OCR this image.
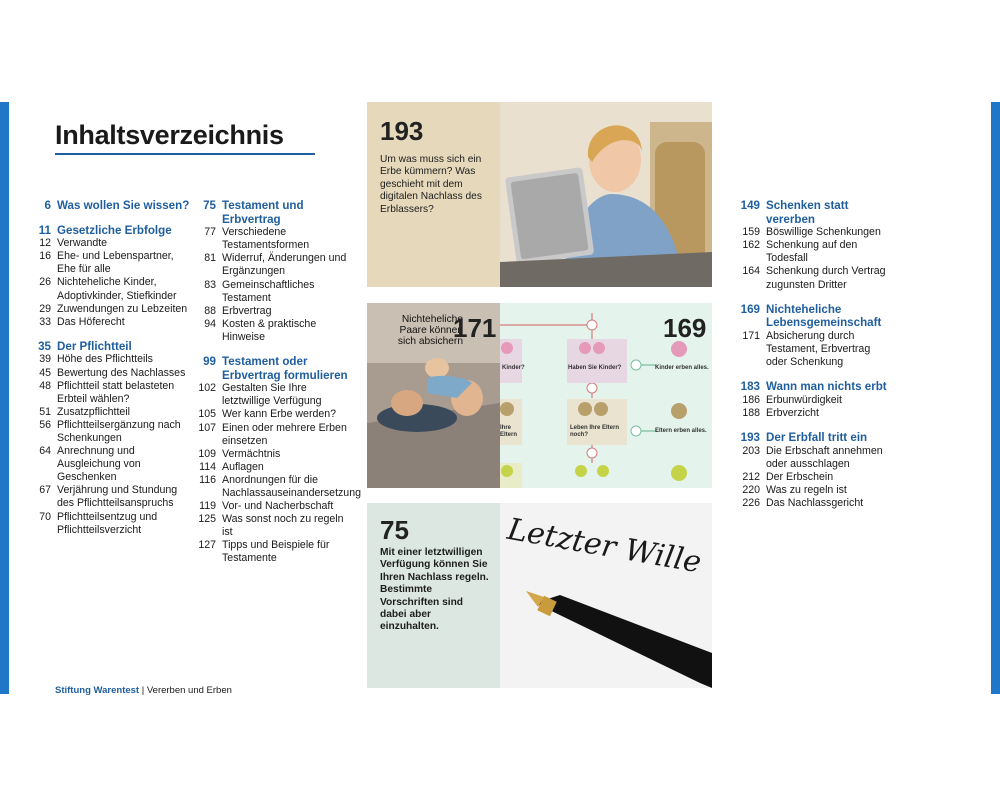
Inhaltsverzeichnis
6 Was wollen Sie wissen?
11 Gesetzliche Erbfolge
12 Verwandte
16 Ehe- und Lebenspartner, Ehe für alle
26 Nichteheliche Kinder, Adoptivkinder, Stiefkinder
29 Zuwendungen zu Lebzeiten
33 Das Höferecht
35 Der Pflichtteil
39 Höhe des Pflichtteils
45 Bewertung des Nachlasses
48 Pflichtteil statt belasteten Erbteil wählen?
51 Zusatzpflichtteil
56 Pflichtteilsergänzung nach Schenkungen
64 Anrechnung und Ausgleichung von Geschenken
67 Verjährung und Stundung des Pflichtteilsanspruchs
70 Pflichtteilsentzug und Pflichtteilsverzicht
75 Testament und Erbvertrag
77 Verschiedene Testamentsformen
81 Widerruf, Änderungen und Ergänzungen
83 Gemeinschaftliches Testament
88 Erbvertrag
94 Kosten & praktische Hinweise
99 Testament oder Erbvertrag formulieren
102 Gestalten Sie Ihre letztwillige Verfügung
105 Wer kann Erbe werden?
107 Einen oder mehrere Erben einsetzen
109 Vermächtnis
114 Auflagen
116 Anordnungen für die Nachlassauseinandersetzung
119 Vor- und Nacherbschaft
125 Was sonst noch zu regeln ist
127 Tipps und Beispiele für Testamente
149 Schenken statt vererben
159 Böswillige Schenkungen
162 Schenkung auf den Todesfall
164 Schenkung durch Vertrag zugunsten Dritter
169 Nichteheliche Lebensgemeinschaft
171 Absicherung durch Testament, Erbvertrag oder Schenkung
183 Wann man nichts erbt
186 Erbunwürdigkeit
188 Erbverzicht
193 Der Erbfall tritt ein
203 Die Erbschaft annehmen oder ausschlagen
212 Der Erbschein
220 Was zu regeln ist
226 Das Nachlassgericht
193
Um was muss sich ein Erbe kümmern? Was geschieht mit dem digitalen Nachlass des Erblassers?
Kinder?	Haben Sie Kinder?	Kinder erben alles.
Ihre Eltern
Leben Ihre Eltern noch?
Eltern erben alles.
Nichteheliche Paare können sich absichern
171	169
75
Mit einer letztwilligen Verfügung können Sie Ihren Nachlass regeln. Bestimmte Vorschriften sind dabei aber einzuhalten.
Letzter Wille
Stiftung Warentest | Vererben und Erben
